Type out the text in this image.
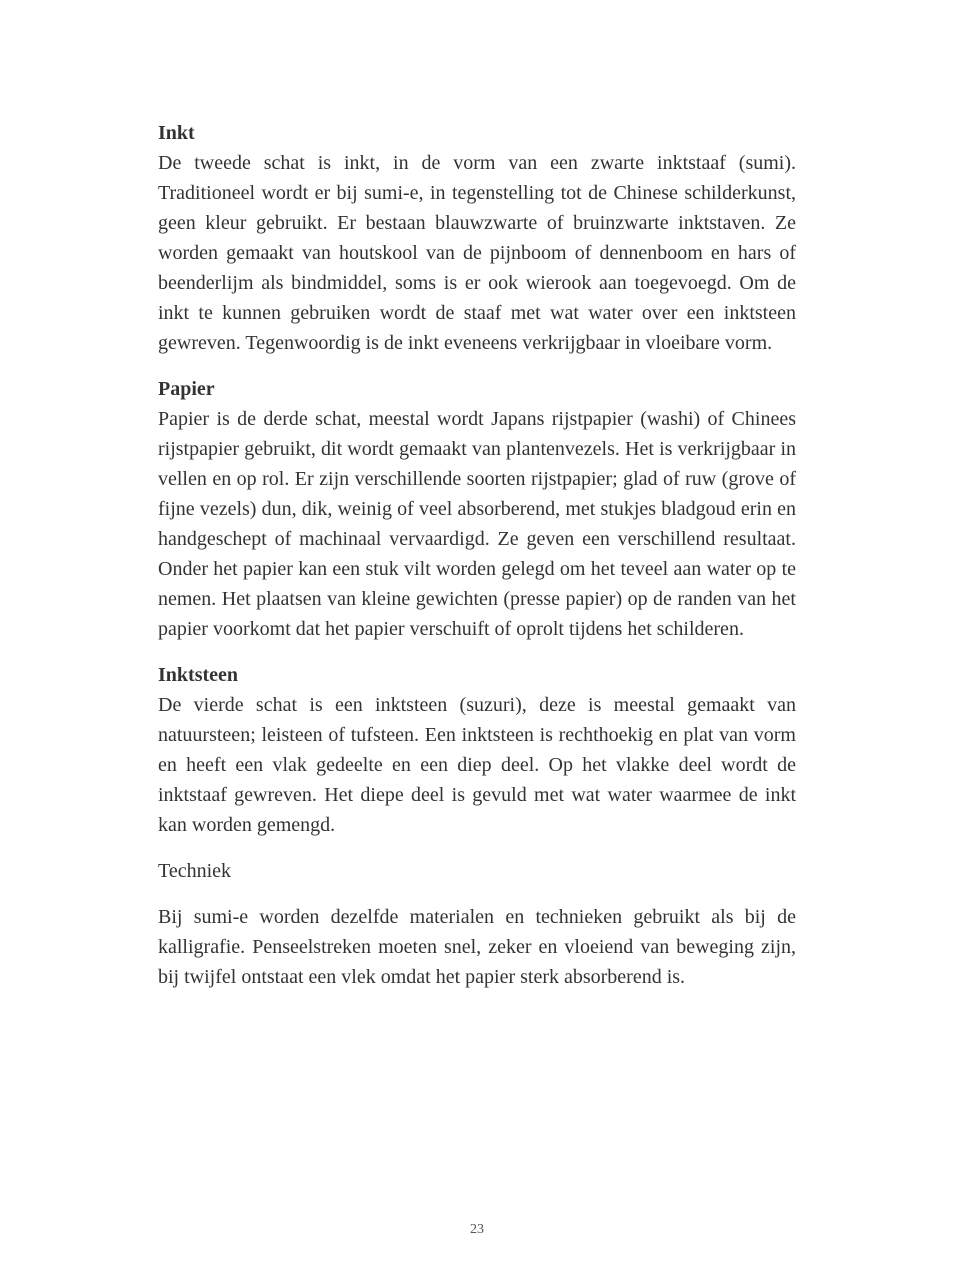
Inkt

De tweede schat is inkt, in de vorm van een zwarte inktstaaf (sumi). Traditioneel wordt er bij sumi-e, in tegenstelling tot de Chinese schilderkunst, geen kleur gebruikt. Er bestaan blauwzwarte of bruinzwarte inktstaven. Ze worden gemaakt van houtskool van de pijnboom of dennenboom en hars of beenderlijm als bindmiddel, soms is er ook wierook aan toegevoegd. Om de inkt te kunnen gebruiken wordt de staaf met wat water over een inktsteen gewreven. Tegenwoordig is de inkt eveneens verkrijgbaar in vloeibare vorm.

Papier

Papier is de derde schat, meestal wordt Japans rijstpapier (washi) of Chinees rijstpapier gebruikt, dit wordt gemaakt van plantenvezels. Het is verkrijgbaar in vellen en op rol. Er zijn verschillende soorten rijstpapier; glad of ruw (grove of fijne vezels) dun, dik, weinig of veel absorberend, met stukjes bladgoud erin en handgeschept of machinaal vervaardigd. Ze geven een verschillend resultaat. Onder het papier kan een stuk vilt worden gelegd om het teveel aan water op te nemen. Het plaatsen van kleine gewichten (presse papier) op de randen van het papier voorkomt dat het papier verschuift of oprolt tijdens het schilderen.

Inktsteen

De vierde schat is een inktsteen (suzuri), deze is meestal gemaakt van natuursteen; leisteen of tufsteen. Een inktsteen is rechthoekig en plat van vorm en heeft een vlak gedeelte en een diep deel. Op het vlakke deel wordt de inktstaaf gewreven. Het diepe deel is gevuld met wat water waarmee de inkt kan worden gemengd.

Techniek

Bij sumi-e worden dezelfde materialen en technieken gebruikt als bij de kalligrafie. Penseelstreken moeten snel, zeker en vloeiend van beweging zijn, bij twijfel ontstaat een vlek omdat het papier sterk absorberend is.

23
